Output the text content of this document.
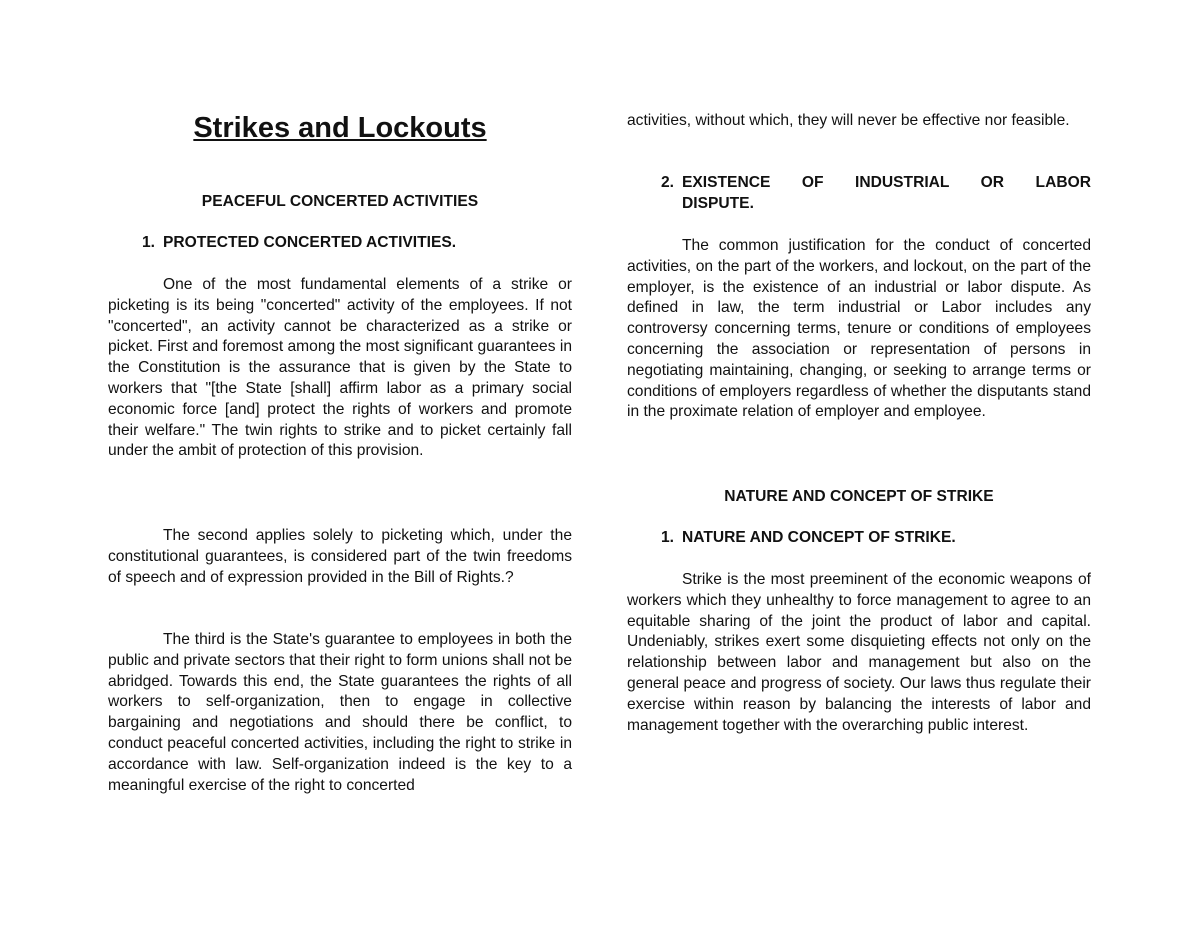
Strikes and Lockouts

PEACEFUL CONCERTED ACTIVITIES

1. PROTECTED CONCERTED ACTIVITIES.

One of the most fundamental elements of a strike or picketing is its being "concerted" activity of the employees. If not "concerted", an activity cannot be characterized as a strike or picket. First and foremost among the most significant guarantees in the Constitution is the assurance that is given by the State to workers that "[the State [shall] affirm labor as a primary social economic force [and] protect the rights of workers and promote their welfare." The twin rights to strike and to picket certainly fall under the ambit of protection of this provision.

The second applies solely to picketing which, under the constitutional guarantees, is considered part of the twin freedoms of speech and of expression provided in the Bill of Rights.?

The third is the State's guarantee to employees in both the public and private sectors that their right to form unions shall not be abridged. Towards this end, the State guarantees the rights of all workers to self-organization, then to engage in collective bargaining and negotiations and should there be conflict, to conduct peaceful concerted activities, including the right to strike in accordance with law. Self-organization indeed is the key to a meaningful exercise of the right to concerted

activities, without which, they will never be effective nor feasible.

2. EXISTENCE OF INDUSTRIAL OR LABOR
DISPUTE.

The common justification for the conduct of concerted activities, on the part of the workers, and lockout, on the part of the employer, is the existence of an industrial or labor dispute. As defined in law, the term industrial or Labor includes any controversy concerning terms, tenure or conditions of employees concerning the association or representation of persons in negotiating maintaining, changing, or seeking to arrange terms or conditions of employers regardless of whether the disputants stand in the proximate relation of employer and employee.

NATURE AND CONCEPT OF STRIKE

1. NATURE AND CONCEPT OF STRIKE.

Strike is the most preeminent of the economic weapons of workers which they unhealthy to force management to agree to an equitable sharing of the joint the product of labor and capital. Undeniably, strikes exert some disquieting effects not only on the relationship between labor and management but also on the general peace and progress of society. Our laws thus regulate their exercise within reason by balancing the interests of labor and management together with the overarching public interest.
